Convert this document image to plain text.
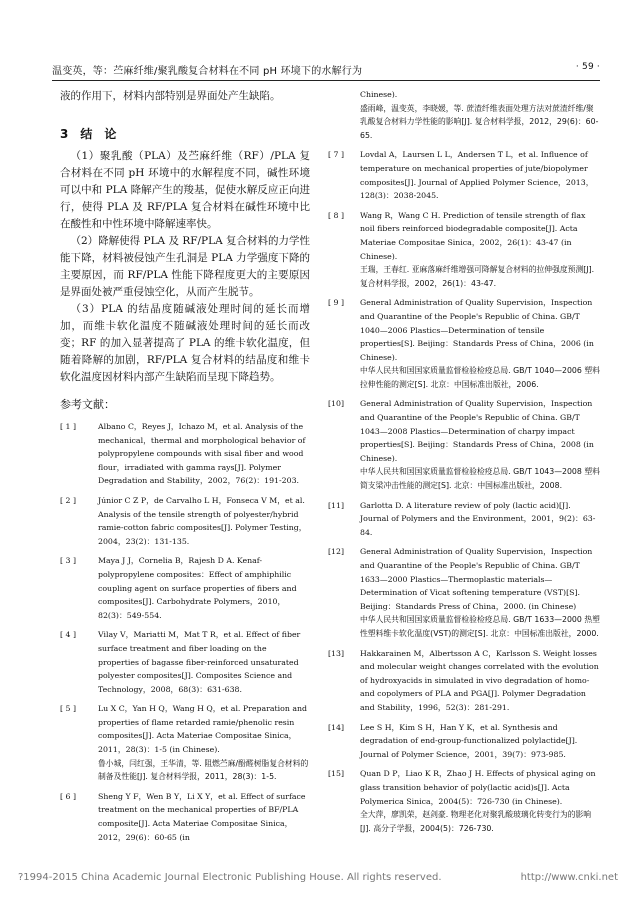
温变英，等：苎麻纤维/聚乳酸复合材料在不同 pH 环境下的水解行为	· 59 ·

液的作用下，材料内部特别是界面处产生缺陷。

3　结　论

（1）聚乳酸（PLA）及苎麻纤维（RF）/PLA 复合材料在不同 pH 环境中的水解程度不同，碱性环境可以中和 PLA 降解产生的羧基，促使水解反应正向进行，使得 PLA 及 RF/PLA 复合材料在碱性环境中比在酸性和中性环境中降解速率快。

（2）降解使得 PLA 及 RF/PLA 复合材料的力学性能下降，材料被侵蚀产生孔洞是 PLA 力学强度下降的主要原因，而 RF/PLA 性能下降程度更大的主要原因是界面处被严重侵蚀空化，从而产生脱节。

（3）PLA 的结晶度随碱液处理时间的延长而增加，而维卡软化温度不随碱液处理时间的延长而改变；RF 的加入显著提高了 PLA 的维卡软化温度，但随着降解的加剧，RF/PLA 复合材料的结晶度和维卡软化温度因材料内部产生缺陷而呈现下降趋势。

参考文献：
[ 1 ]	Albano C，Reyes J，Ichazo M，et al. Analysis of the mechanical，thermal and morphological behavior of polypropylene compounds with sisal fiber and wood flour，irradiated with gamma rays[J]. Polymer Degradation and Stability，2002，76(2)：191-203.
[ 2 ]	Júnior C Z P，de Carvalho L H，Fonseca V M，et al. Analysis of the tensile strength of polyester/hybrid ramie-cotton fabric composites[J]. Polymer Testing，2004，23(2)：131-135.
[ 3 ]	Maya J J，Cornelia B，Rajesh D A. Kenaf-polypropylene composites：Effect of amphiphilic coupling agent on surface properties of fibers and composites[J]. Carbohydrate Polymers，2010，82(3)：549-554.
[ 4 ]	Vilay V，Mariatti M，Mat T R，et al. Effect of fiber surface treatment and fiber loading on the properties of bagasse fiber-reinforced unsaturated polyester composites[J]. Composites Science and Technology，2008，68(3)：631-638.
[ 5 ]	Lu X C，Yan H Q，Wang H Q，et al. Preparation and properties of flame retarded ramie/phenolic resin composites[J]. Acta Materiae Compositae Sinica，2011，28(3)：1-5 (in Chinese).
鲁小城，闫红强，王华清，等. 阻燃苎麻/酚醛树脂复合材料的制备及性能[J]. 复合材料学报，2011，28(3)：1-5.
[ 6 ]	Sheng Y F，Wen B Y，Li X Y，et al. Effect of surface treatment on the mechanical properties of BF/PLA composite[J]. Acta Materiae Compositae Sinica，2012，29(6)：60-65 (in
Chinese).
盛雨峰，温变英，李晓媛，等. 蔗渣纤维表面处理方法对蔗渣纤维/聚乳酸复合材料力学性能的影响[J]. 复合材料学报，2012，29(6)：60-65.
[ 7 ] Lovdal A，Laursen L L，Andersen T L，et al. Influence of temperature on mechanical properties of jute/biopolymer composites[J]. Journal of Applied Polymer Science，2013，128(3)：2038-2045.
[ 8 ] Wang R，Wang C H. Prediction of tensile strength of flax noil fibers reinforced biodegradable composite[J]. Acta Materiae Compositae Sinica，2002，26(1)：43-47 (in Chinese).
王瑞，王春红. 亚麻落麻纤维增强可降解复合材料的拉伸强度预测[J]. 复合材料学报，2002，26(1)：43-47.
[ 9 ] General Administration of Quality Supervision，Inspection and Quarantine of the People's Republic of China. GB/T 1040—2006 Plastics—Determination of tensile properties[S]. Beijing：Standards Press of China，2006 (in Chinese).
中华人民共和国国家质量监督检验检疫总局. GB/T 1040—2006 塑料 拉伸性能的测定[S]. 北京：中国标准出版社，2006.
[10] General Administration of Quality Supervision，Inspection and Quarantine of the People's Republic of China. GB/T 1043—2008 Plastics—Determination of charpy impact properties[S]. Beijing：Standards Press of China，2008 (in Chinese).
中华人民共和国国家质量监督检验检疫总局. GB/T 1043—2008 塑料 简支梁冲击性能的测定[S]. 北京：中国标准出版社，2008.
[11] Garlotta D. A literature review of poly (lactic acid)[J]. Journal of Polymers and the Environment，2001，9(2)：63-84.
[12] General Administration of Quality Supervision，Inspection and Quarantine of the People's Republic of China. GB/T 1633—2000 Plastics—Thermoplastic materials—Determination of Vicat softening temperature (VST)[S]. Beijing：Standards Press of China，2000. (in Chinese)
中华人民共和国国家质量监督检验检疫总局. GB/T 1633—2000 热塑性塑料维卡软化温度(VST)的测定[S]. 北京：中国标准出版社，2000.
[13] Hakkarainen M，Albertsson A C，Karlsson S. Weight losses and molecular weight changes correlated with the evolution of hydroxyacids in simulated in vivo degradation of homo- and copolymers of PLA and PGA[J]. Polymer Degradation and Stability，1996，52(3)：281-291.
[14] Lee S H，Kim S H，Han Y K，et al. Synthesis and degradation of end-group-functionalized polylactide[J]. Journal of Polymer Science，2001，39(7)：973-985.
[15] Quan D P，Liao K R，Zhao J H. Effects of physical aging on glass transition behavior of poly(lactic acid)s[J]. Acta Polymerica Sinica，2004(5)：726-730 (in Chinese).
全大萍，廖凯荣，赵剑豪. 物理老化对聚乳酸玻璃化转变行为的影响[J]. 高分子学报，2004(5)：726-730.
?1994-2015 China Academic Journal Electronic Publishing House. All rights reserved.	http://www.cnki.net
